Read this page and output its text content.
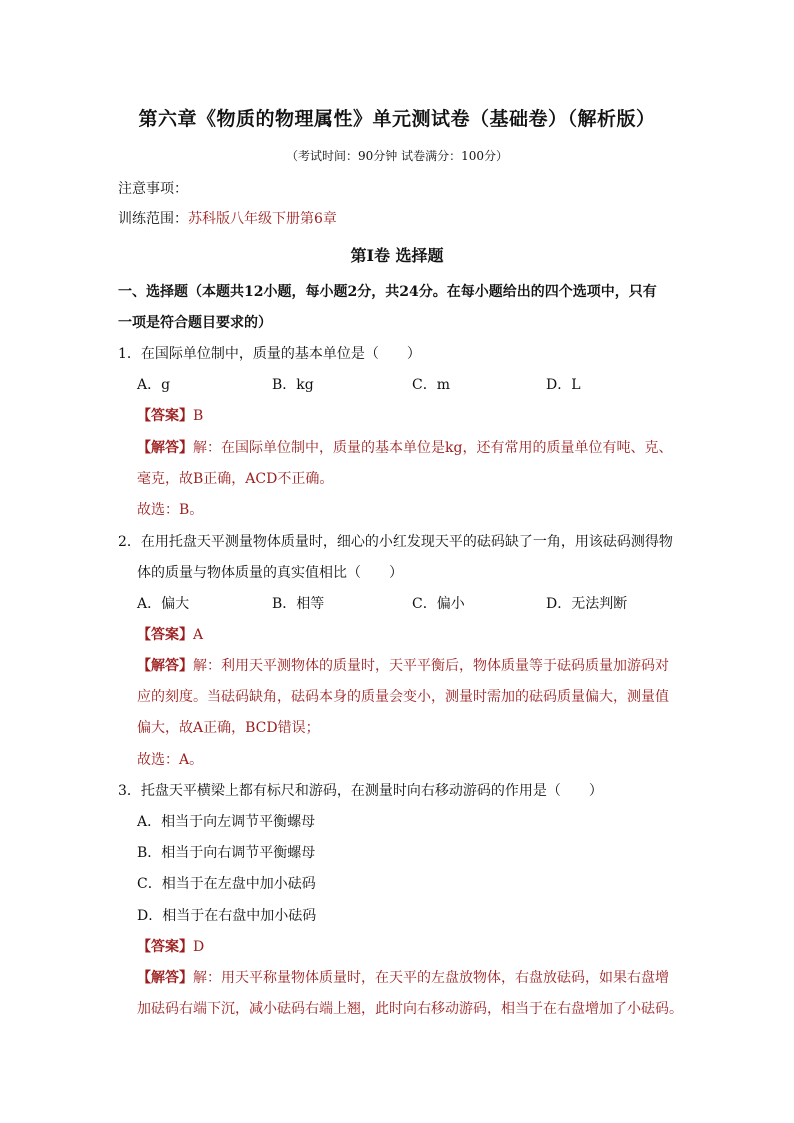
第六章《物质的物理属性》单元测试卷（基础卷）（解析版）
（考试时间：90分钟 试卷满分：100分）
注意事项：
训练范围：苏科版八年级下册第6章
第Ⅰ卷 选择题
一、选择题（本题共12小题，每小题2分，共24分。在每小题给出的四个选项中，只有
一项是符合题目要求的）
1．在国际单位制中，质量的基本单位是（　　）
A．g	B．kg	C．m	D．L
【答案】B
【解答】解：在国际单位制中，质量的基本单位是kg，还有常用的质量单位有吨、克、
毫克，故B正确，ACD不正确。
故选：B。
2．在用托盘天平测量物体质量时，细心的小红发现天平的砝码缺了一角，用该砝码测得物
体的质量与物体质量的真实值相比（　　）
A．偏大	B．相等	C．偏小	D．无法判断
【答案】A
【解答】解：利用天平测物体的质量时，天平平衡后，物体质量等于砝码质量加游码对
应的刻度。当砝码缺角，砝码本身的质量会变小，测量时需加的砝码质量偏大，测量值
偏大，故A正确，BCD错误；
故选：A。
3．托盘天平横梁上都有标尺和游码，在测量时向右移动游码的作用是（　　）
A．相当于向左调节平衡螺母
B．相当于向右调节平衡螺母
C．相当于在左盘中加小砝码
D．相当于在右盘中加小砝码
【答案】D
【解答】解：用天平称量物体质量时，在天平的左盘放物体，右盘放砝码，如果右盘增
加砝码右端下沉，减小砝码右端上翘，此时向右移动游码，相当于在右盘增加了小砝码。
